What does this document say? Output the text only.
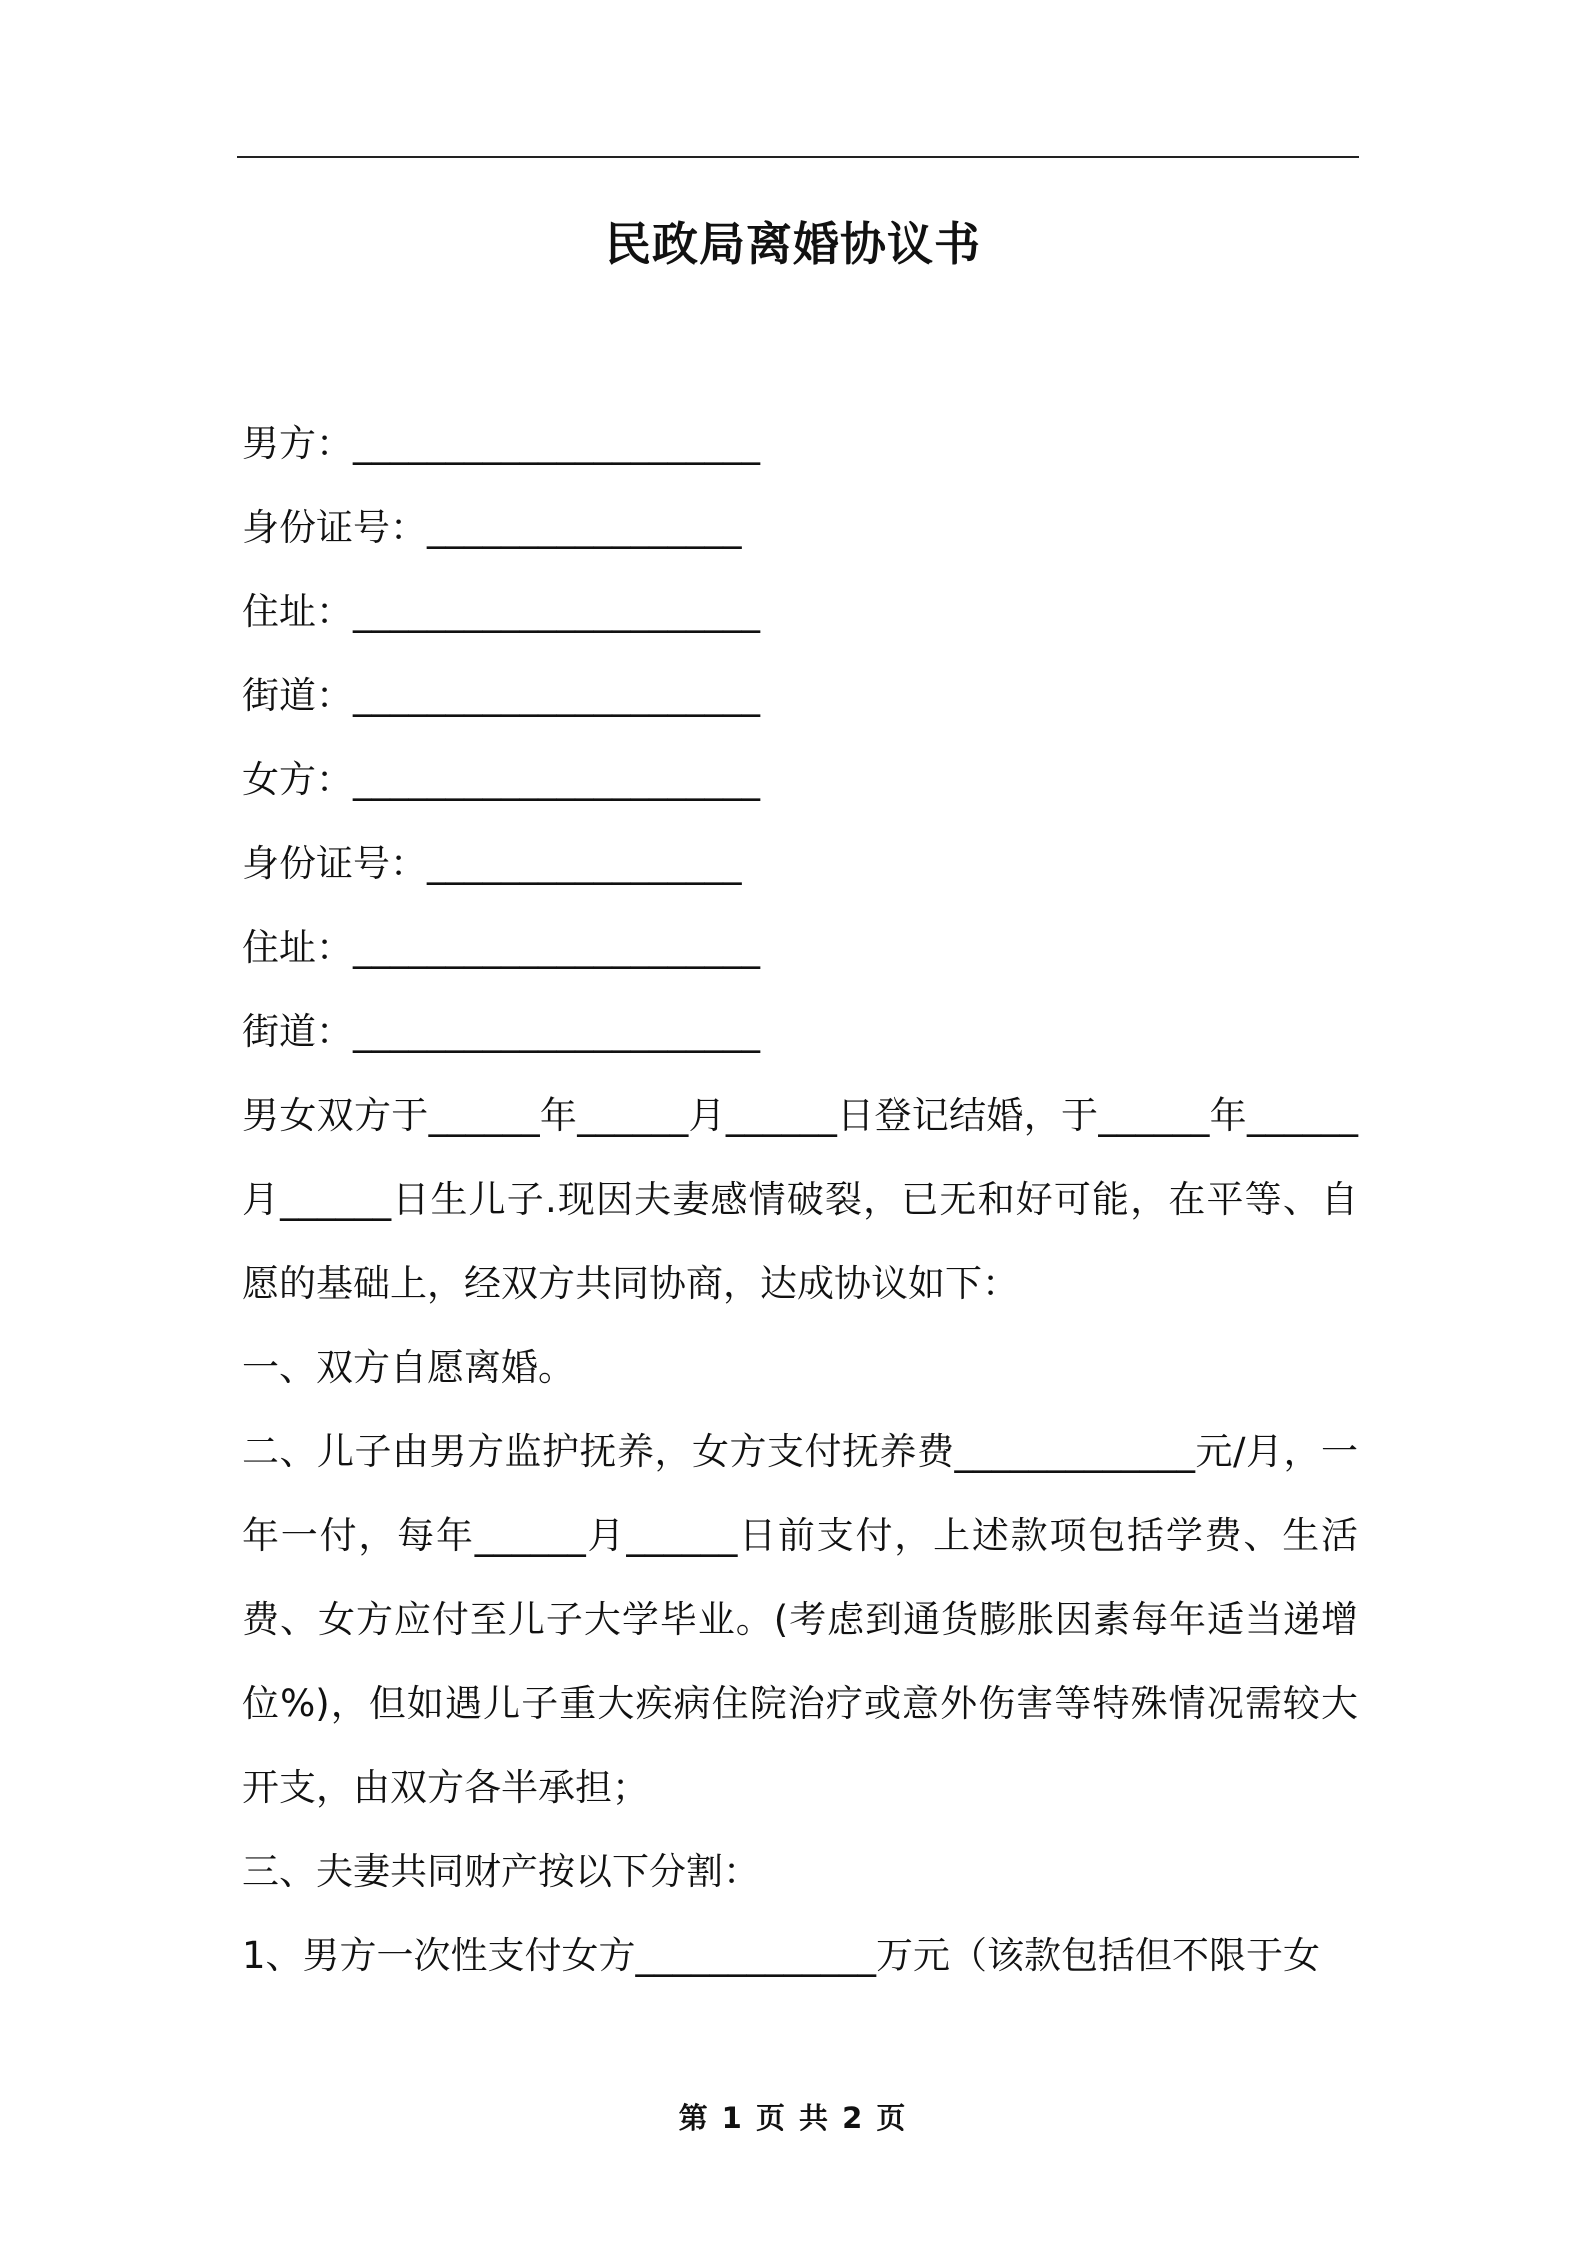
民政局离婚协议书
男方：______________________
身份证号：_________________
住址：______________________
街道：______________________
女方：______________________
身份证号：_________________
住址：______________________
街道：______________________
男女双方于______年______月______日登记结婚，于______年______月______日生儿子.现因夫妻感情破裂，已无和好可能，在平等、自愿的基础上，经双方共同协商，达成协议如下：
一、双方自愿离婚。
二、儿子由男方监护抚养，女方支付抚养费_____________元/月，一年一付，每年______月______日前支付，上述款项包括学费、生活费、女方应付至儿子大学毕业。(考虑到通货膨胀因素每年适当递增位%)，但如遇儿子重大疾病住院治疗或意外伤害等特殊情况需较大开支，由双方各半承担；
三、夫妻共同财产按以下分割：
1、男方一次性支付女方_____________万元（该款包括但不限于女
第 1 页 共 2 页
